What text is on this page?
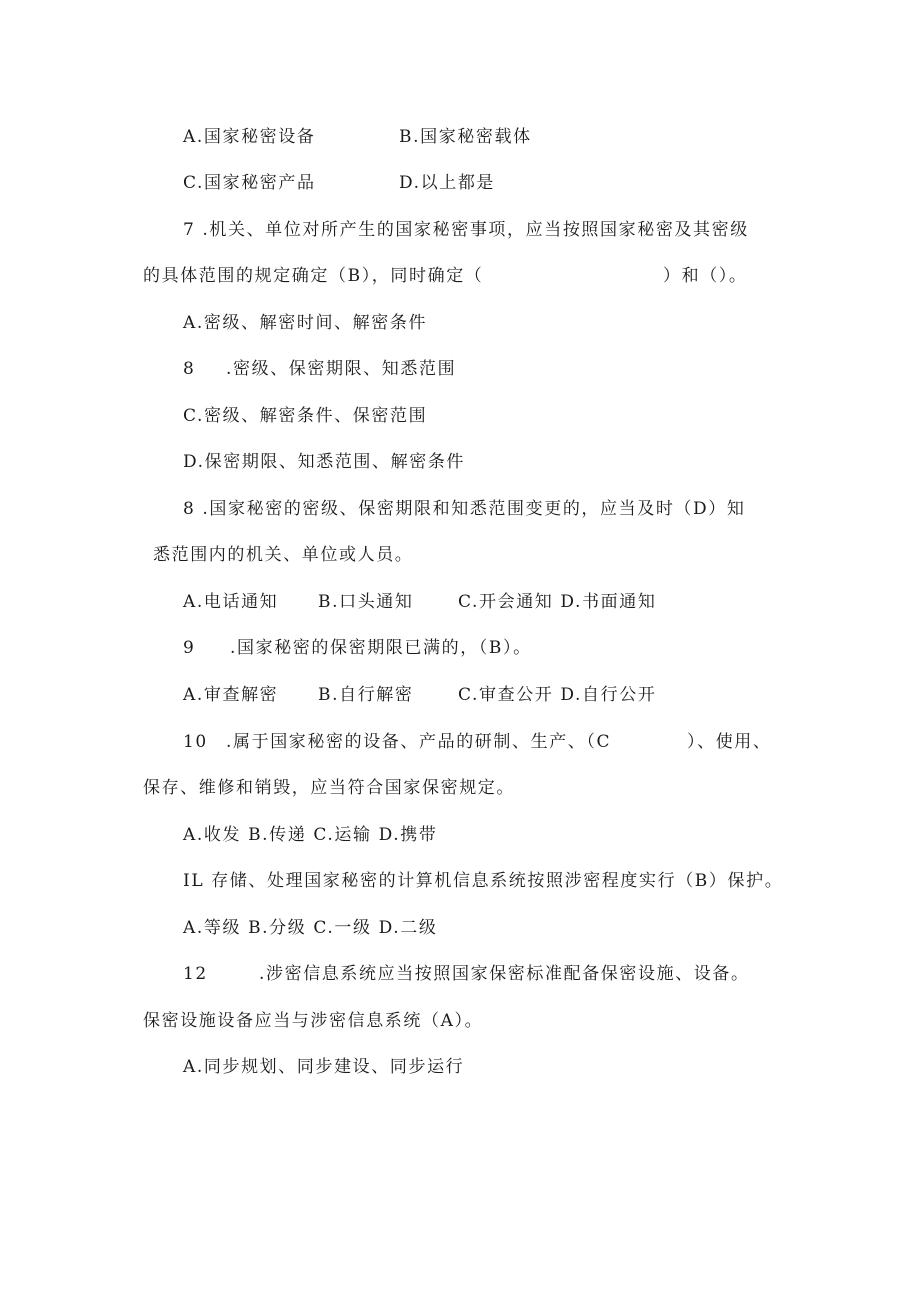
A.国家秘密设备	B.国家秘密载体
C.国家秘密产品	D.以上都是
7 .机关、单位对所产生的国家秘密事项，应当按照国家秘密及其密级
的具体范围的规定确定（B），同时确定（	）和（）。
A.密级、解密时间、解密条件
8 .密级、保密期限、知悉范围
C.密级、解密条件、保密范围
D.保密期限、知悉范围、解密条件
8 .国家秘密的密级、保密期限和知悉范围变更的，应当及时（D）知
悉范围内的机关、单位或人员。
A.电话通知 B.口头通知	C.开会通知 D.书面通知
9 .国家秘密的保密期限已满的，（B）。
A.审查解密 B.自行解密	C.审查公开 D.自行公开
10 .属于国家秘密的设备、产品的研制、生产、（C	）、使用、
保存、维修和销毁，应当符合国家保密规定。
A.收发 B.传递 C.运输 D.携带
IL 存储、处理国家秘密的计算机信息系统按照涉密程度实行（B）保护。
A.等级 B.分级 C.一级 D.二级
12	.涉密信息系统应当按照国家保密标准配备保密设施、设备。
保密设施设备应当与涉密信息系统（A）。
A.同步规划、同步建设、同步运行
